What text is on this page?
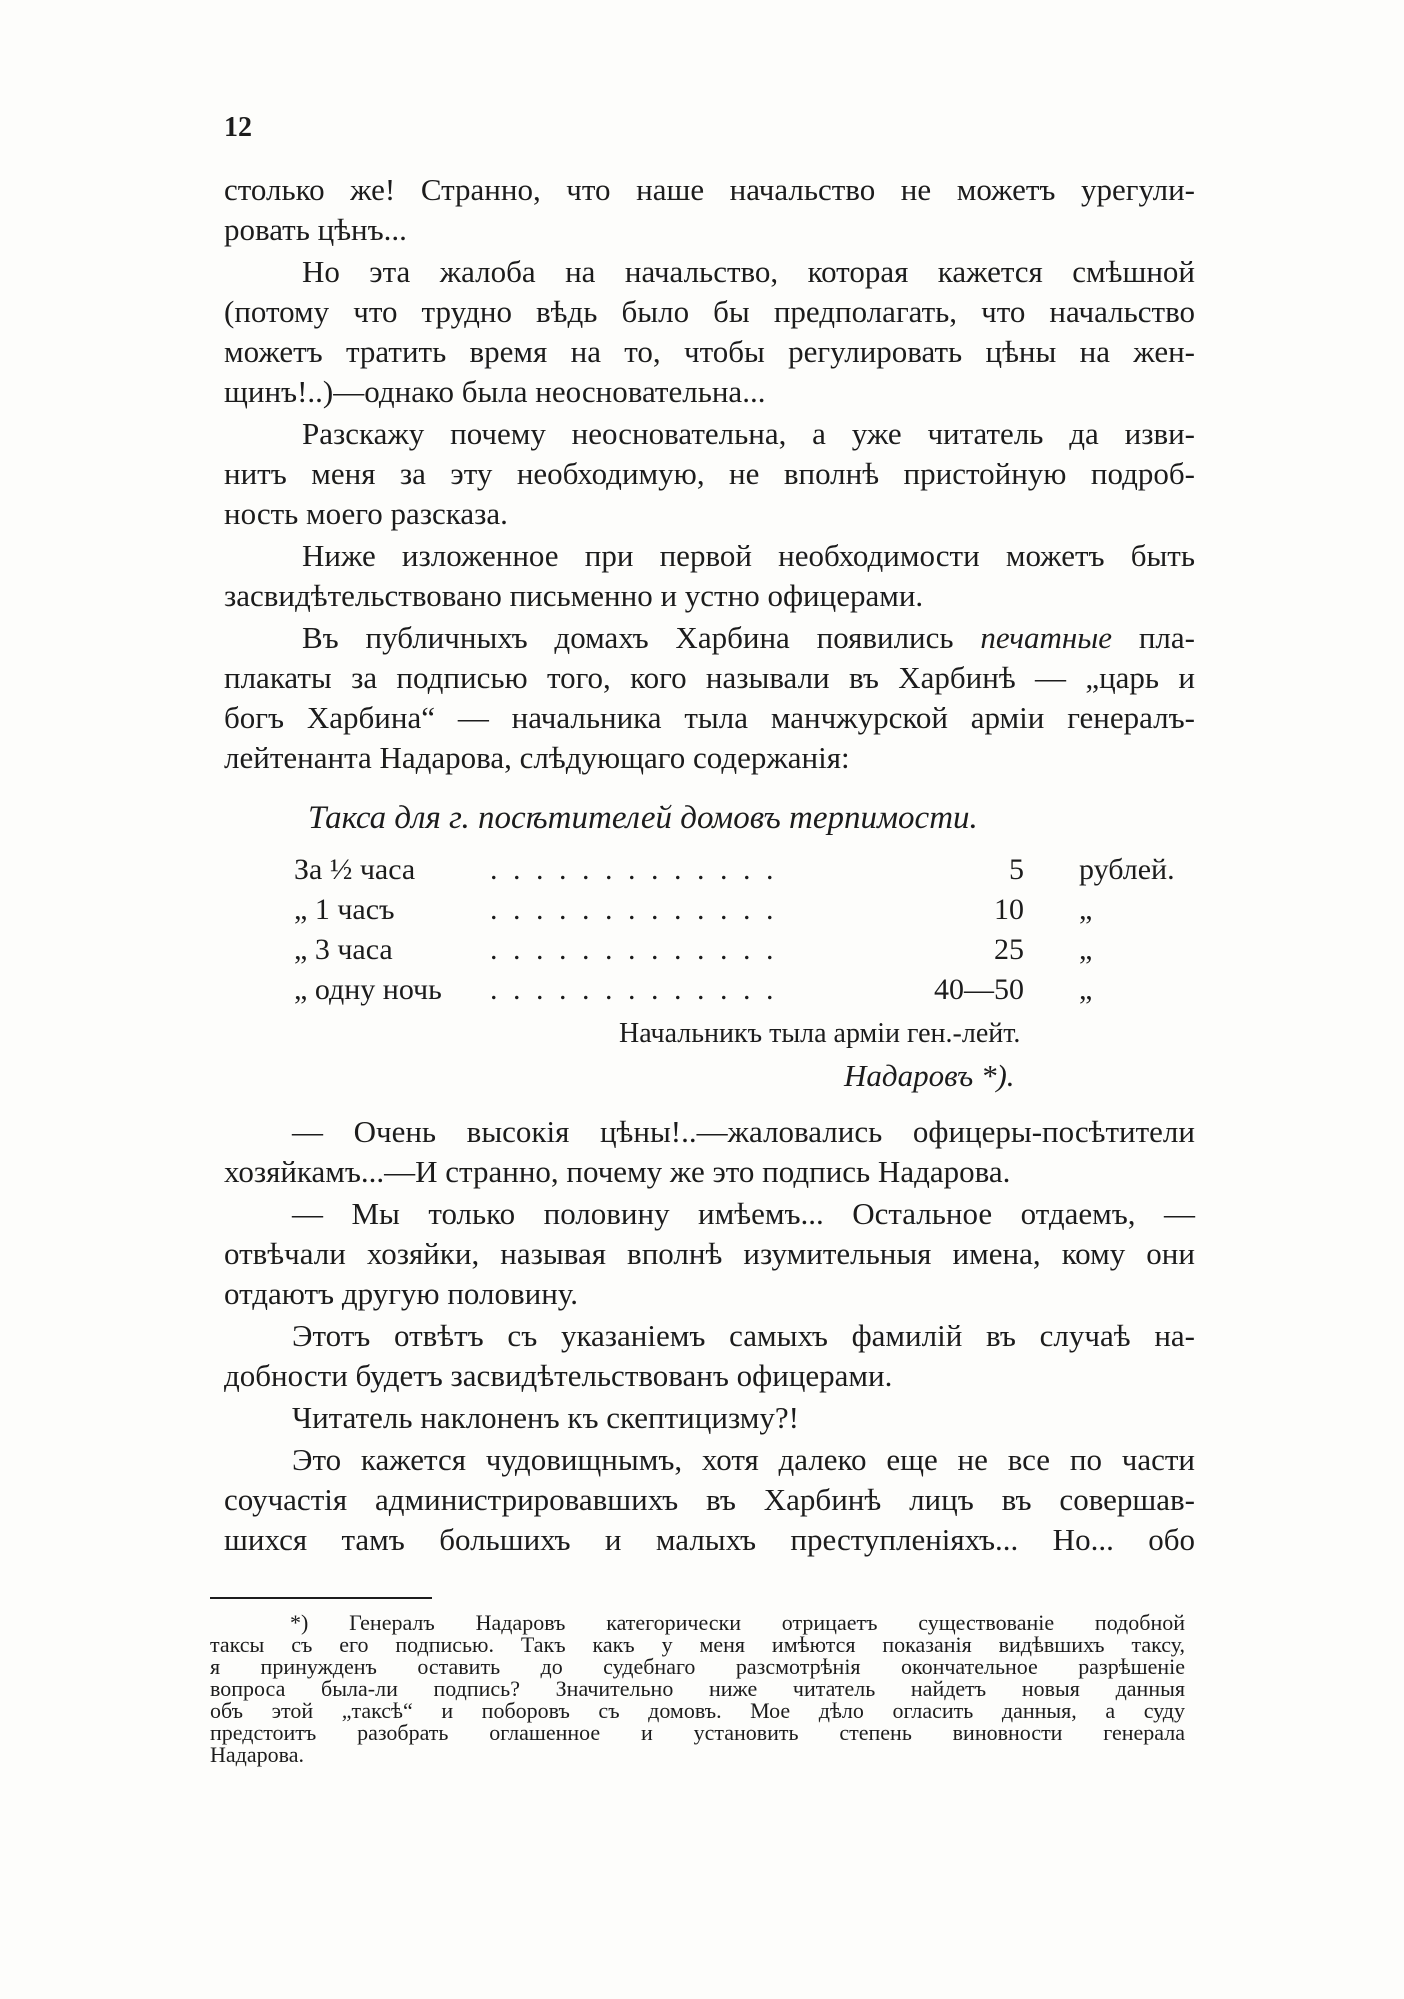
12
столько же! Странно, что наше начальство не можетъ урегули-
ровать цѣнъ...
Но эта жалоба на начальство, которая кажется смѣшной
(потому что трудно вѣдь было бы предполагать, что начальство
можетъ тратить время на то, чтобы регулировать цѣны на жен-
щинъ!..)—однако была неосновательна...
Разскажу почему неосновательна, а уже читатель да изви-
нитъ меня за эту необходимую, не вполнѣ пристойную подроб-
ность моего разсказа.
Ниже изложенное при первой необходимости можетъ быть
засвидѣтельствовано письменно и устно офицерами.
Въ публичныхъ домахъ Харбина появились печатные пла-
плакаты за подписью того, кого называли въ Харбинѣ — „царь и
богъ Харбина“ — начальника тыла манчжурской арміи генералъ-
лейтенанта Надарова, слѣдующаго содержанія:
Такса для г. посѣтителей домовъ терпимости.
За ½ часа . . . . . . . . . . . . .	5 рублей.
„ 1 часъ	. . . . . . . . . . . . .	10 „
„ 3 часа	. . . . . . . . . . . . .	25 „
„ одну ночь . . . . . . . . . . . . .	40—50 „
Начальникъ тыла арміи ген.-лейт.
Надаровъ *).
— Очень высокія цѣны!..—жаловались офицеры-посѣтители
хозяйкамъ...—И странно, почему же это подпись Надарова.
— Мы только половину имѣемъ... Остальное отдаемъ, —
отвѣчали хозяйки, называя вполнѣ изумительныя имена, кому они
отдаютъ другую половину.
Этотъ отвѣтъ съ указаніемъ самыхъ фамилій въ случаѣ на-
добности будетъ засвидѣтельствованъ офицерами.
Читатель наклоненъ къ скептицизму?!
Это кажется чудовищнымъ, хотя далеко еще не все по части
соучастія администрировавшихъ въ Харбинѣ лицъ въ совершав-
шихся тамъ большихъ и малыхъ преступленіяхъ... Но... обо
*) Генералъ Надаровъ категорически отрицаетъ существованіе подобной
таксы съ его подписью. Такъ какъ у меня имѣются показанія видѣвшихъ таксу,
я принужденъ оставить до судебнаго разсмотрѣнія окончательное разрѣшеніе
вопроса была-ли подпись? Значительно ниже читатель найдетъ новыя данныя
объ этой „таксѣ“ и поборовъ съ домовъ. Мое дѣло огласить данныя, а суду
предстоитъ разобрать оглашенное и установить степень виновности генерала
Надарова.
